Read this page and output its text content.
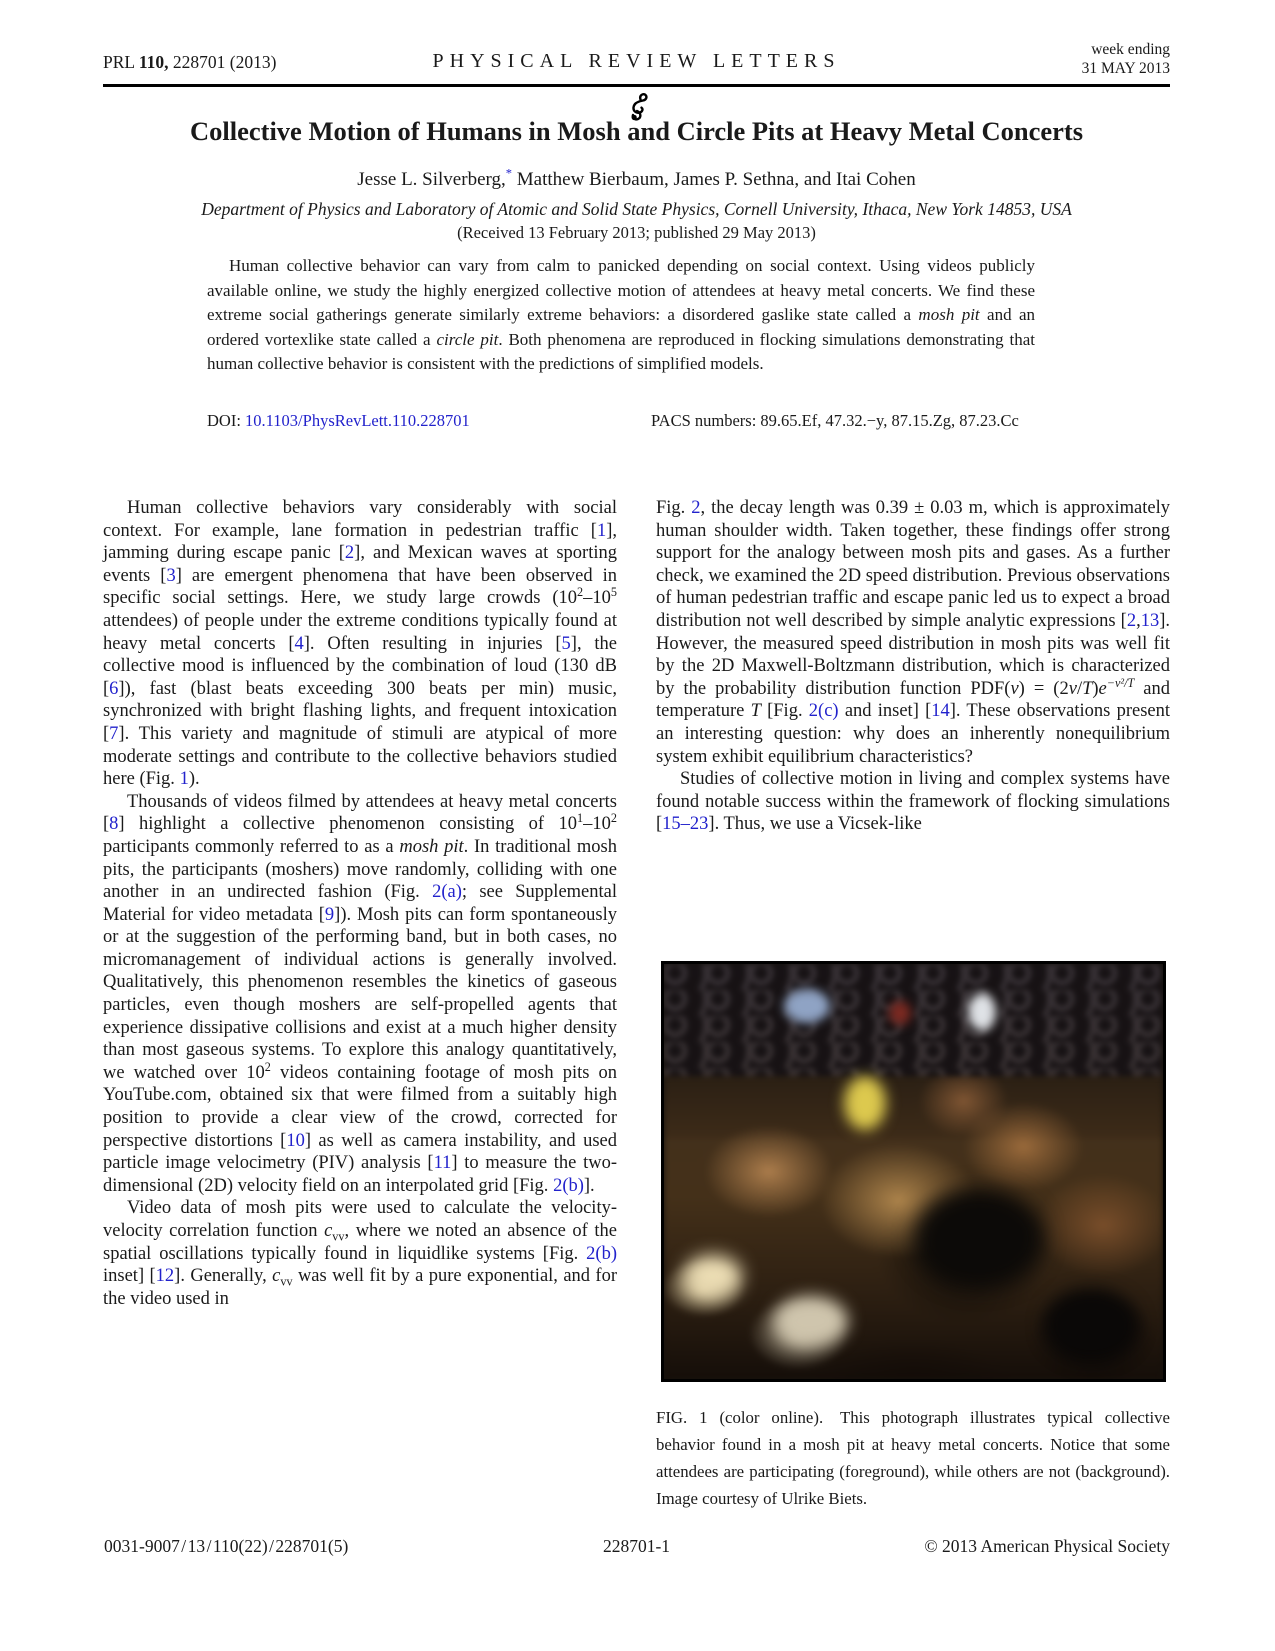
PRL 110, 228701 (2013)	PHYSICAL REVIEW LETTERS
week ending
31 MAY 2013
Collective Motion of Humans in Mosh and Circle Pits at Heavy Metal Concerts
Jesse L. Silverberg,* Matthew Bierbaum, James P. Sethna, and Itai Cohen
Department of Physics and Laboratory of Atomic and Solid State Physics, Cornell University, Ithaca, New York 14853, USA
(Received 13 February 2013; published 29 May 2013)
Human collective behavior can vary from calm to panicked depending on social context. Using videos publicly available online, we study the highly energized collective motion of attendees at heavy metal concerts. We find these extreme social gatherings generate similarly extreme behaviors: a disordered gaslike state called a mosh pit and an ordered vortexlike state called a circle pit. Both phenomena are reproduced in flocking simulations demonstrating that human collective behavior is consistent with the predictions of simplified models.
DOI: 10.1103/PhysRevLett.110.228701	PACS numbers: 89.65.Ef, 47.32.−y, 87.15.Zg, 87.23.Cc

Human collective behaviors vary considerably with social context. For example, lane formation in pedestrian traffic [1], jamming during escape panic [2], and Mexican waves at sporting events [3] are emergent phenomena that have been observed in specific social settings. Here, we study large crowds ($10^2-10^5$ attendees) of people under the extreme conditions typically found at heavy metal concerts [4]. Often resulting in injuries [5], the collective mood is influenced by the combination of loud (130 dB [6]), fast (blast beats exceeding 300 beats per min) music, synchronized with bright flashing lights, and frequent intoxication [7]. This variety and magnitude of stimuli are atypical of more moderate settings and contribute to the collective behaviors studied here (Fig. 1).

Thousands of videos filmed by attendees at heavy metal concerts [8] highlight a collective phenomenon consisting of $10^1-10^2$ participants commonly referred to as a mosh pit. In traditional mosh pits, the participants (moshers) move randomly, colliding with one another in an undirected fashion (Fig. 2(a); see Supplemental Material for video metadata [9]). Mosh pits can form spontaneously or at the suggestion of the performing band, but in both cases, no micromanagement of individual actions is generally involved. Qualitatively, this phenomenon resembles the kinetics of gaseous particles, even though moshers are self-propelled agents that experience dissipative collisions and exist at a much higher density than most gaseous systems. To explore this analogy quantitatively, we watched over $10^2$ videos containing footage of mosh pits on YouTube.com, obtained six that were filmed from a suitably high position to provide a clear view of the crowd, corrected for perspective distortions [10] as well as camera instability, and used particle image velocimetry (PIV) analysis [11] to measure the two-dimensional (2D) velocity field on an interpolated grid [Fig. 2(b)].

Video data of mosh pits were used to calculate the velocity-velocity correlation function $c_{vv}$, where we noted an absence of the spatial oscillations typically found in liquidlike systems [Fig. 2(b) inset] [12]. Generally, $c_{vv}$ was well fit by a pure exponential, and for the video used in

Fig. 2, the decay length was 0.39 ± 0.03 m, which is approximately human shoulder width. Taken together, these findings offer strong support for the analogy between mosh pits and gases. As a further check, we examined the 2D speed distribution. Previous observations of human pedestrian traffic and escape panic led us to expect a broad distribution not well described by simple analytic expressions [2,13]. However, the measured speed distribution in mosh pits was well fit by the 2D Maxwell-Boltzmann distribution, which is characterized by the probability distribution function $PDF(v) = (2v/T)e^{-v^2/T}$ and temperature T [Fig. 2(c) and inset] [14]. These observations present an interesting question: why does an inherently nonequilibrium system exhibit equilibrium characteristics?

Studies of collective motion in living and complex systems have found notable success within the framework of flocking simulations [15–23]. Thus, we use a Vicsek-like

FIG. 1 (color online). This photograph illustrates typical collective behavior found in a mosh pit at heavy metal concerts. Notice that some attendees are participating (foreground), while others are not (background). Image courtesy of Ulrike Biets.
0031-9007 / 13 / 110(22) / 228701(5)	228701-1	© 2013 American Physical Society
